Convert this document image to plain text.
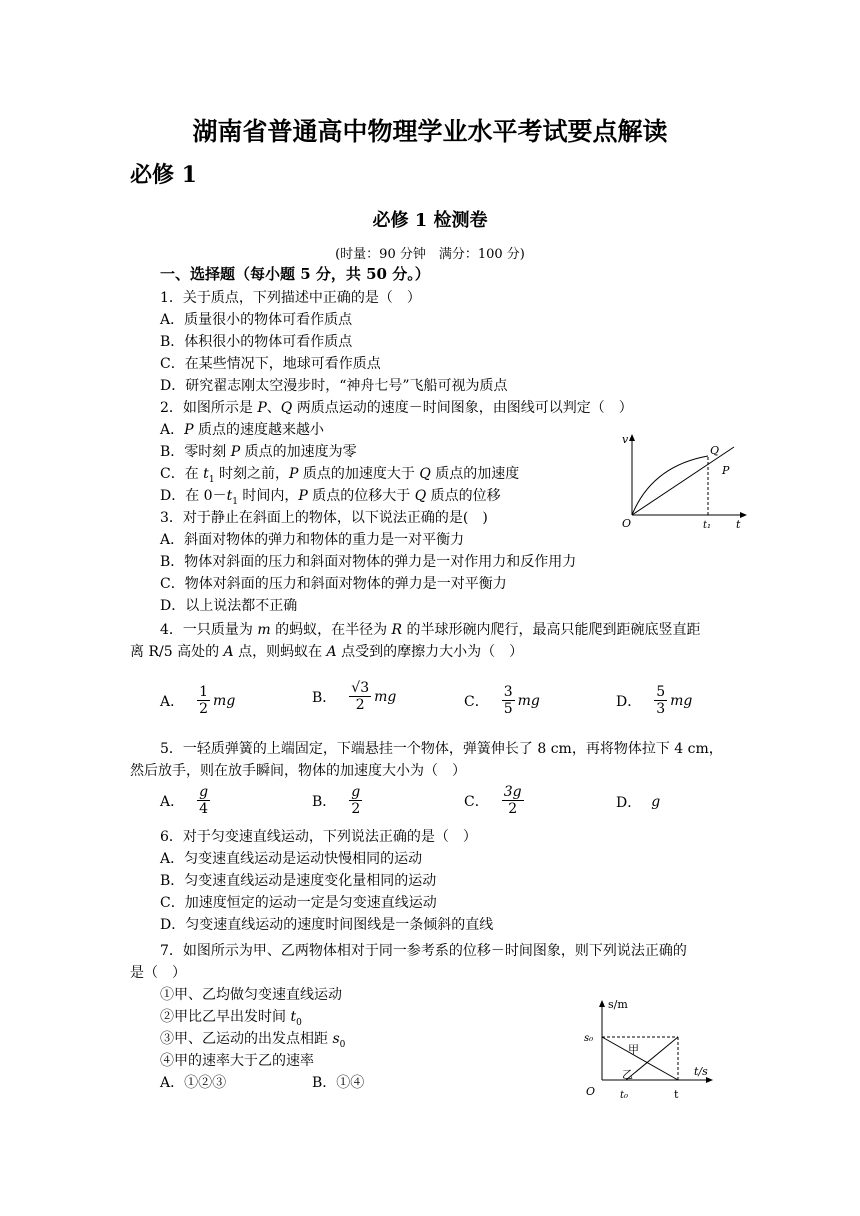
湖南省普通高中物理学业水平考试要点解读
必修 1
必修 1 检测卷
(时量：90 分钟　满分：100 分)
一、选择题（每小题 5 分，共 50 分。）
1．关于质点，下列描述中正确的是（　）
A．质量很小的物体可看作质点
B．体积很小的物体可看作质点
C．在某些情况下，地球可看作质点
D．研究翟志刚太空漫步时，“神舟七号”飞船可视为质点
2．如图所示是 P、Q 两质点运动的速度－时间图象，由图线可以判定（　）
A．P 质点的速度越来越小
B．零时刻 P 质点的加速度为零
C．在 $t_1$ 时刻之前，P 质点的加速度大于 Q 质点的加速度
D．在 $0-t_1$ 时间内，P 质点的位移大于 Q 质点的位移
v
Q
P
O	t₁ t
3．对于静止在斜面上的物体，以下说法正确的是(　)
A．斜面对物体的弹力和物体的重力是一对平衡力
B．物体对斜面的压力和斜面对物体的弹力是一对作用力和反作用力
C．物体对斜面的压力和斜面对物体的弹力是一对平衡力
D．以上说法都不正确
4．一只质量为 m 的蚂蚁，在半径为 R 的半球形碗内爬行，最高只能爬到距碗底竖直距
离 R/5 高处的 A 点，则蚂蚁在 A 点受到的摩擦力大小为（　）
A． $\frac{1}{2}$ mg	B． $\frac{√3}{2}$ mg	C． $\frac{3}{5}$ mg	D． $\frac{5}{3}$ mg
5．一轻质弹簧的上端固定，下端悬挂一个物体，弹簧伸长了 8 cm，再将物体拉下 4 cm，
然后放手，则在放手瞬间，物体的加速度大小为（　）
A． $\frac{g}{4}$	B． $\frac{g}{2}$	C． $\frac{3g}{2}$	D． g
6．对于匀变速直线运动，下列说法正确的是（　）
A．匀变速直线运动是运动快慢相同的运动
B．匀变速直线运动是速度变化量相同的运动
C．加速度恒定的运动一定是匀变速直线运动
D．匀变速直线运动的速度时间图线是一条倾斜的直线
7．如图所示为甲、乙两物体相对于同一参考系的位移－时间图象，则下列说法正确的
是（　）
①甲、乙均做匀变速直线运动
②甲比乙早出发时间 $t_0$
③甲、乙运动的出发点相距 $s_0$
④甲的速率大于乙的速率
A．①②③	B．①④
s/m
s₀
甲
乙	t/s
O t₀	t
